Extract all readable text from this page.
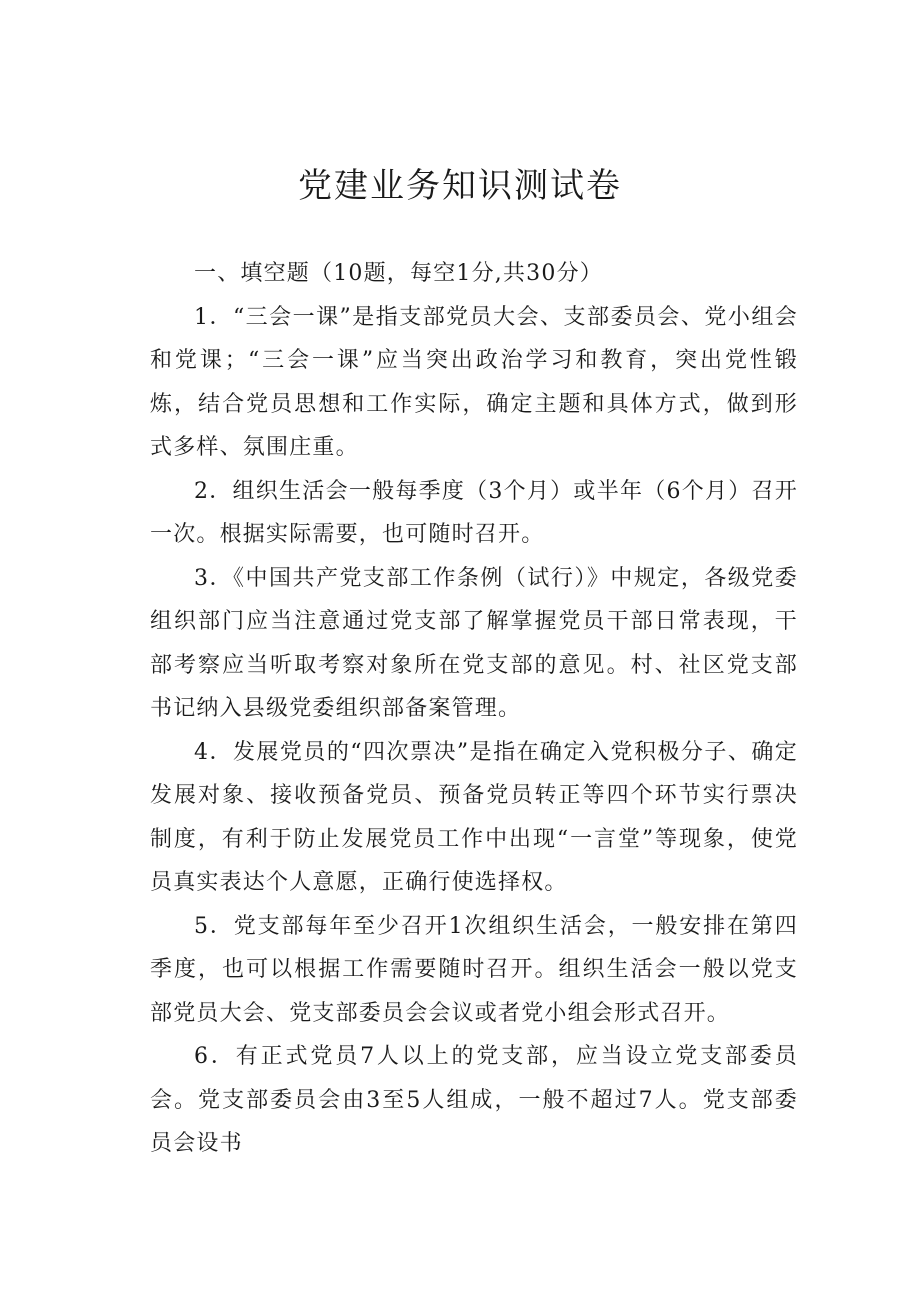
党建业务知识测试卷

一、填空题（10题，每空1分,共30分）

1．“三会一课”是指支部党员大会、支部委员会、党小组会和党课；“三会一课”应当突出政治学习和教育，突出党性锻炼，结合党员思想和工作实际，确定主题和具体方式，做到形式多样、氛围庄重。

2．组织生活会一般每季度（3个月）或半年（6个月）召开一次。根据实际需要，也可随时召开。

3．《中国共产党支部工作条例（试行）》中规定，各级党委组织部门应当注意通过党支部了解掌握党员干部日常表现，干部考察应当听取考察对象所在党支部的意见。村、社区党支部书记纳入县级党委组织部备案管理。

4．发展党员的“四次票决”是指在确定入党积极分子、确定发展对象、接收预备党员、预备党员转正等四个环节实行票决制度，有利于防止发展党员工作中出现“一言堂”等现象，使党员真实表达个人意愿，正确行使选择权。

5．党支部每年至少召开1次组织生活会，一般安排在第四季度，也可以根据工作需要随时召开。组织生活会一般以党支部党员大会、党支部委员会会议或者党小组会形式召开。

6．有正式党员7人以上的党支部，应当设立党支部委员会。党支部委员会由3至5人组成，一般不超过7人。党支部委员会设书
